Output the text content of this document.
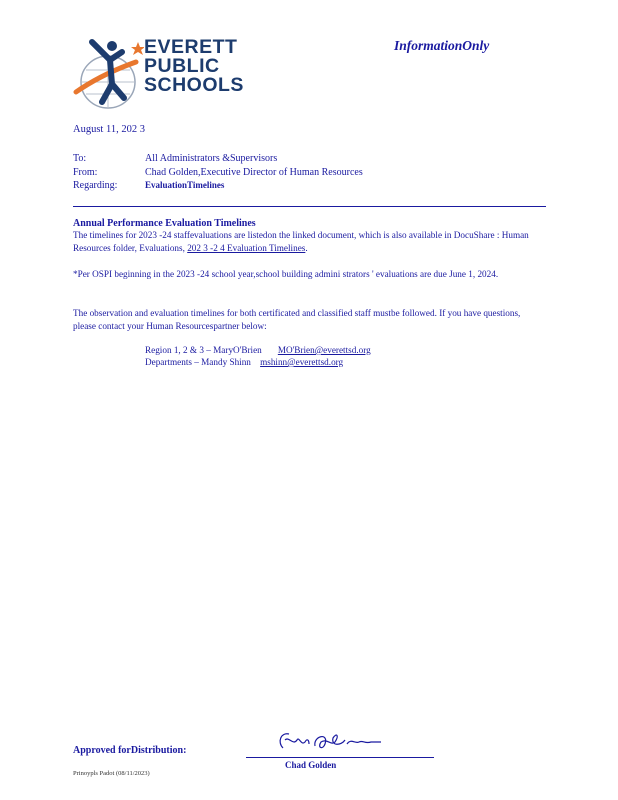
EVERETT
PUBLIC
SCHOOLS
InformationOnly
August 11, 202 3
To:	All Administrators &Supervisors
From:	Chad Golden,Executive Director of Human Resources
Regarding:	EvaluationTimelines
Annual Performance Evaluation Timelines
The timelines for 2023 -24 staffevaluations are listedon the linked document, which is also available in DocuShare : Human Resources folder, Evaluations, 202 3 -2 4 Evaluation Timelines.
*Per OSPI beginning in the 2023 -24 school year,school building admini strators ' evaluations are due June 1, 2024.
The observation and evaluation timelines for both certificated and classified staff mustbe followed. If you have questions, please contact your Human Resourcespartner below:
Region 1, 2 & 3 – MaryO'Brien MO'Brien@everettsd.org
Departments – Mandy Shinn mshinn@everettsd.org
Approved forDistribution:
Chad Golden
Prinoypls Padot (08/11/2023)
